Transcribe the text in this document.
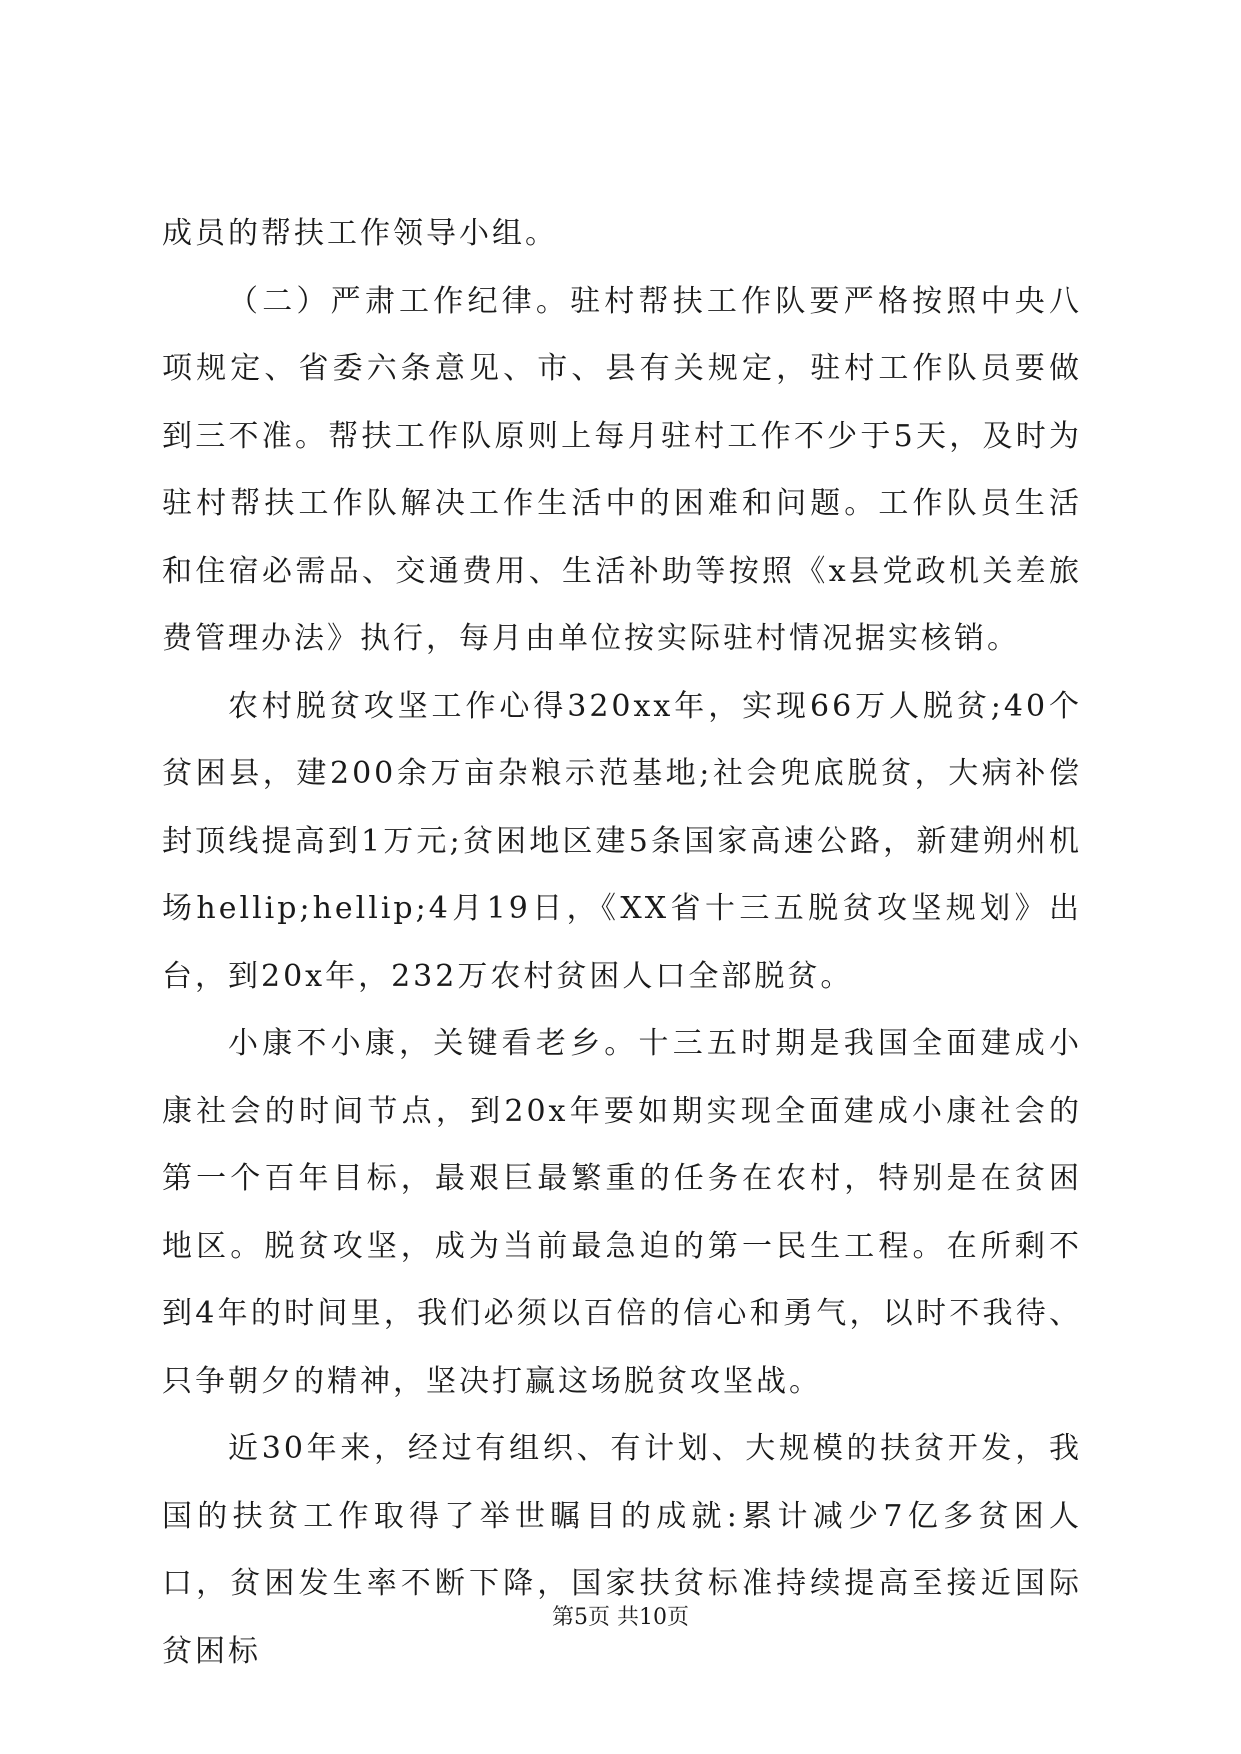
成员的帮扶工作领导小组。

（二）严肃工作纪律。驻村帮扶工作队要严格按照中央八项规定、省委六条意见、市、县有关规定，驻村工作队员要做到三不准。帮扶工作队原则上每月驻村工作不少于5天，及时为驻村帮扶工作队解决工作生活中的困难和问题。工作队员生活和住宿必需品、交通费用、生活补助等按照《x县党政机关差旅费管理办法》执行，每月由单位按实际驻村情况据实核销。

农村脱贫攻坚工作心得320xx年，实现66万人脱贫;40个贫困县，建200余万亩杂粮示范基地;社会兜底脱贫，大病补偿封顶线提高到1万元;贫困地区建5条国家高速公路，新建朔州机场hellip;hellip;4月19日，《XX省十三五脱贫攻坚规划》出台，到20x年，232万农村贫困人口全部脱贫。

小康不小康，关键看老乡。十三五时期是我国全面建成小康社会的时间节点，到20x年要如期实现全面建成小康社会的第一个百年目标，最艰巨最繁重的任务在农村，特别是在贫困地区。脱贫攻坚，成为当前最急迫的第一民生工程。在所剩不到4年的时间里，我们必须以百倍的信心和勇气，以时不我待、只争朝夕的精神，坚决打赢这场脱贫攻坚战。

近30年来，经过有组织、有计划、大规模的扶贫开发，我国的扶贫工作取得了举世瞩目的成就:累计减少7亿多贫困人口，贫困发生率不断下降，国家扶贫标准持续提高至接近国际贫困标

第5页 共10页
